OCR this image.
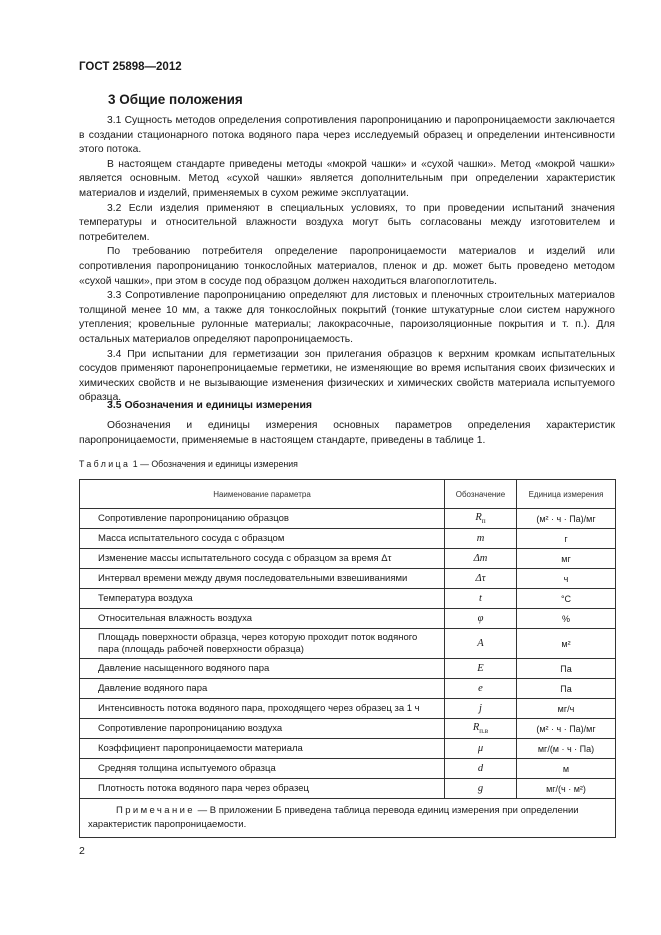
ГОСТ 25898—2012
3 Общие положения

3.1 Сущность методов определения сопротивления паропроницанию и паропроницаемости заключается в создании стационарного потока водяного пара через исследуемый образец и определении интенсивности этого потока.

В настоящем стандарте приведены методы «мокрой чашки» и «сухой чашки». Метод «мокрой чашки» является основным. Метод «сухой чашки» является дополнительным при определении характеристик материалов и изделий, применяемых в сухом режиме эксплуатации.

3.2 Если изделия применяют в специальных условиях, то при проведении испытаний значения температуры и относительной влажности воздуха могут быть согласованы между изготовителем и потребителем.

По требованию потребителя определение паропроницаемости материалов и изделий или сопротивления паропроницанию тонкослойных материалов, пленок и др. может быть проведено методом «сухой чашки», при этом в сосуде под образцом должен находиться влагопоглотитель.

3.3 Сопротивление паропроницанию определяют для листовых и пленочных строительных материалов толщиной менее 10 мм, а также для тонкослойных покрытий (тонкие штукатурные слои систем наружного утепления; кровельные рулонные материалы; лакокрасочные, пароизоляционные покрытия и т. п.). Для остальных материалов определяют паропроницаемость.

3.4 При испытании для герметизации зон прилегания образцов к верхним кромкам испытательных сосудов применяют паронепроницаемые герметики, не изменяющие во время испытания своих физических и химических свойств и не вызывающие изменения физических и химических свойств материала испытуемого образца.

3.5 Обозначения и единицы измерения

Обозначения и единицы измерения основных параметров определения характеристик паропроницаемости, применяемые в настоящем стандарте, приведены в таблице 1.

Таблица 1 — Обозначения и единицы измерения
Наименование параметра	Обозначение	Единица измерения
Сопротивление паропроницанию образцов	$R_п$	(м² · ч · Па)/мг
Масса испытательного сосуда с образцом	m	г
Изменение массы испытательного сосуда с образцом за время Δτ	Δm	мг
Интервал времени между двумя последовательными взвешиваниями	Δτ	ч
Температура воздуха	t	°С
Относительная влажность воздуха	φ	%
Площадь поверхности образца, через которую проходит поток водяного пара (площадь рабочей поверхности образца)	A	м²
Давление насыщенного водяного пара	E	Па
Давление водяного пара	e	Па
Интенсивность потока водяного пара, проходящего через образец за 1 ч	j	мг/ч
Сопротивление паропроницанию воздуха	$R_{п.в}$	(м² · ч · Па)/мг
Коэффициент паропроницаемости материала	μ	мг/(м · ч · Па)
Средняя толщина испытуемого образца	d	м
Плотность потока водяного пара через образец	g	мг/(ч · м²)
Примечание — В приложении Б приведена таблица перевода единиц измерения при определении характеристик паропроницаемости.		
2
